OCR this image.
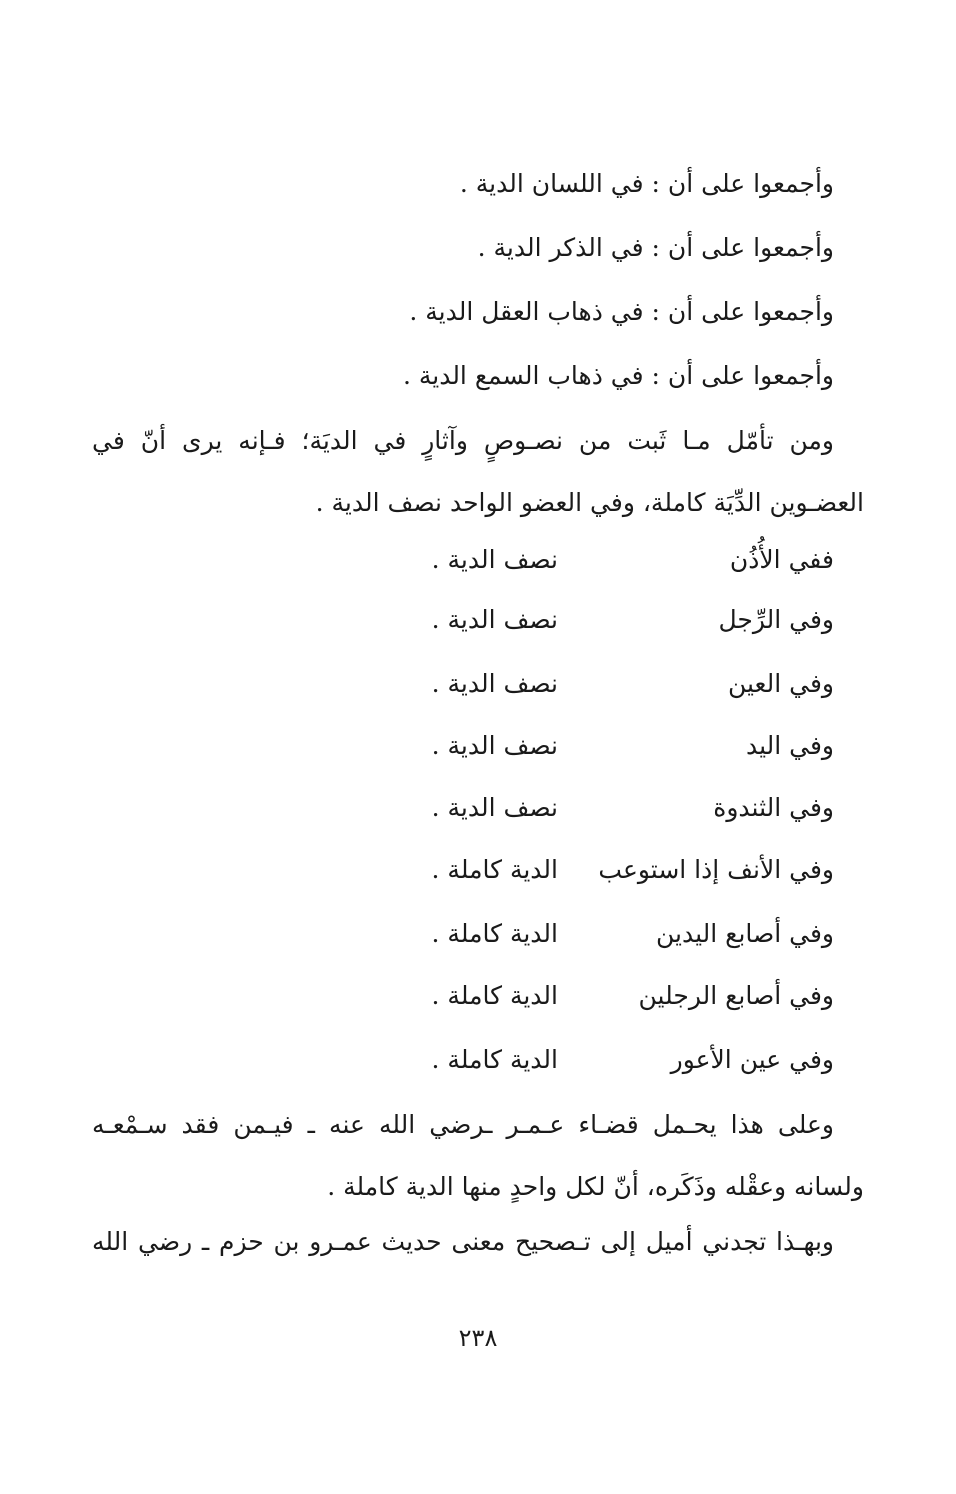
وأجمعوا على أن : في اللسان الدية .
وأجمعوا على أن : في الذكر الدية .
وأجمعوا على أن : في ذهاب العقل الدية .
وأجمعوا على أن : في ذهاب السمع الدية .
ومن تأمّل مـا ثَبت من نصـوصٍ وآثارٍ في الديَة؛ فـإنه يرى أنّ في العضـوين الدِّيَة كاملة، وفي العضو الواحد نصف الدية .
ففي الأُذُن
نصف الدية .
وفي الرِّجل
نصف الدية .
وفي العين
نصف الدية .
وفي اليد
نصف الدية .
وفي الثندوة
نصف الدية .
وفي الأنف إذا استوعب
الدية كاملة .
وفي أصابع اليدين
الدية كاملة .
وفي أصابع الرجلين
الدية كاملة .
وفي عين الأعور
الدية كاملة .
وعلى هذا يحـمل قضـاء عـمـر ـرضي الله عنه ـ فيـمن فقد سـمْعـه ولسانه وعقْله وذَكَره، أنّ لكل واحدٍ منها الدية كاملة .
وبهـذا تجدني أميل إلى تـصحيح معنى حديث عمـرو بن حزم ـ رضي الله
٢٣٨
